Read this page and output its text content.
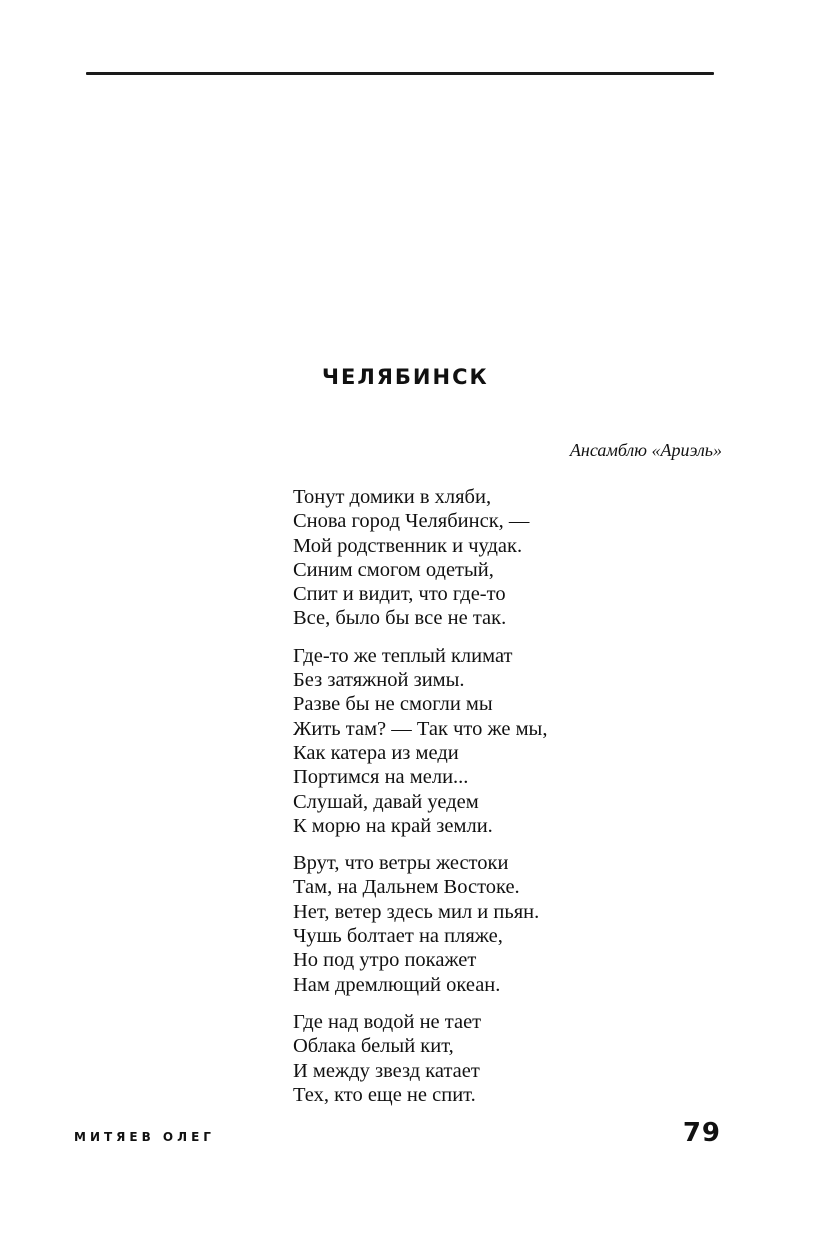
ЧЕЛЯБИНСК
Ансамблю «Ариэль»
Тонут домики в хляби,
Снова город Челябинск, —
Мой родственник и чудак.
Синим смогом одетый,
Спит и видит, что где-то
Все, было бы все не так.
Где-то же теплый климат
Без затяжной зимы.
Разве бы не смогли мы
Жить там? — Так что же мы,
Как катера из меди
Портимся на мели...
Слушай, давай уедем
К морю на край земли.
Врут, что ветры жестоки
Там, на Дальнем Востоке.
Нет, ветер здесь мил и пьян.
Чушь болтает на пляже,
Но под утро покажет
Нам дремлющий океан.
Где над водой не тает
Облака белый кит,
И между звезд катает
Тех, кто еще не спит.
МИТЯЕВ ОЛЕГ	79
